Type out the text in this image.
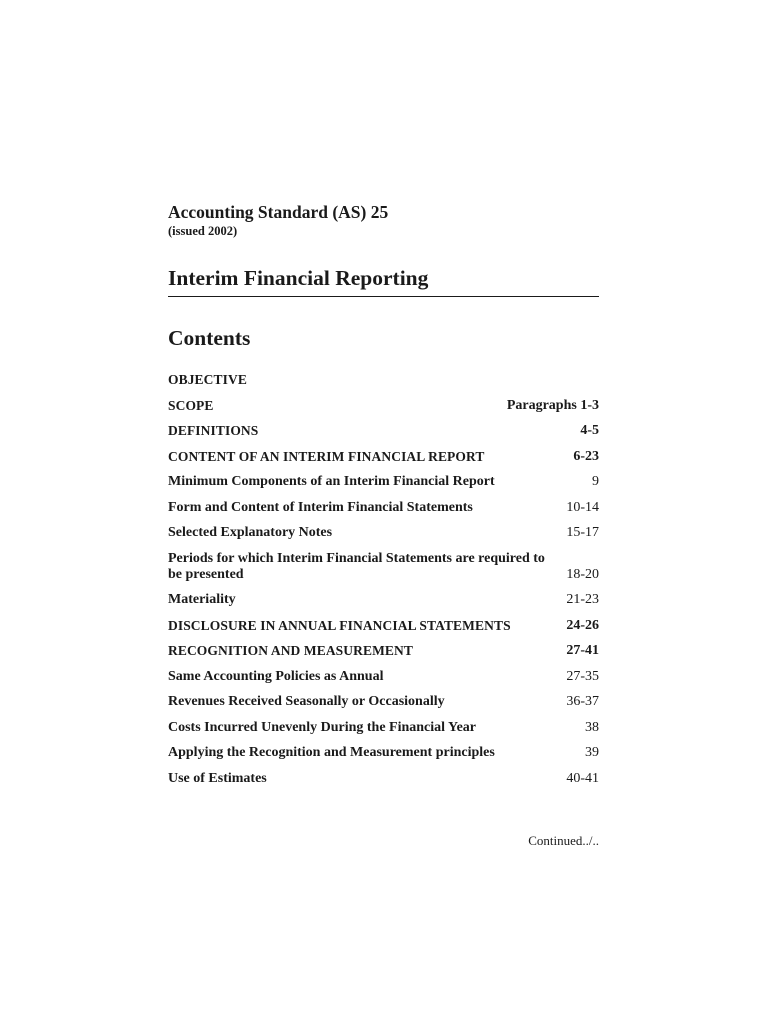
Accounting Standard (AS) 25

(issued 2002)

Interim Financial Reporting
Contents
OBJECTIVE
SCOPE	Paragraphs 1-3
DEFINITIONS	4-5
CONTENT OF AN INTERIM FINANCIAL REPORT	6-23
Minimum Components of an Interim Financial Report	9
Form and Content of Interim Financial Statements	10-14
Selected Explanatory Notes	15-17
Periods for which Interim Financial Statements are required to be presented	18-20
Materiality	21-23
DISCLOSURE IN ANNUAL FINANCIAL STATEMENTS	24-26
RECOGNITION AND MEASUREMENT	27-41
Same Accounting Policies as Annual	27-35
Revenues Received Seasonally or Occasionally	36-37
Costs Incurred Unevenly During the Financial Year	38
Applying the Recognition and Measurement principles	39
Use of Estimates	40-41
Continued../..
